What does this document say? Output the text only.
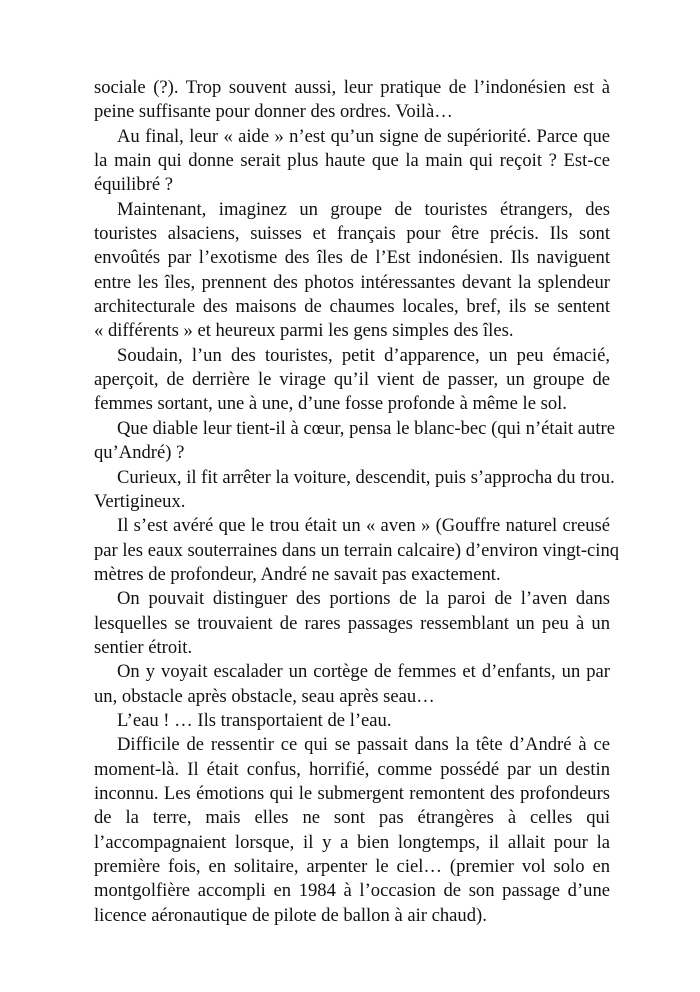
sociale (?). Trop souvent aussi, leur pratique de l’indonésien est à
peine suffisante pour donner des ordres. Voilà…
Au final, leur « aide » n’est qu’un signe de supériorité. Parce que
la main qui donne serait plus haute que la main qui reçoit ? Est-ce
équilibré ?
Maintenant, imaginez un groupe de touristes étrangers, des
touristes alsaciens, suisses et français pour être précis. Ils sont
envoûtés par l’exotisme des îles de l’Est indonésien. Ils naviguent
entre les îles, prennent des photos intéressantes devant la splendeur
architecturale des maisons de chaumes locales, bref, ils se sentent
« différents » et heureux parmi les gens simples des îles.
Soudain, l’un des touristes, petit d’apparence, un peu émacié,
aperçoit, de derrière le virage qu’il vient de passer, un groupe de
femmes sortant, une à une, d’une fosse profonde à même le sol.
Que diable leur tient-il à cœur, pensa le blanc-bec (qui n’était autre
qu’André) ?
Curieux, il fit arrêter la voiture, descendit, puis s’approcha du trou.
Vertigineux.
Il s’est avéré que le trou était un « aven » (Gouffre naturel creusé
par les eaux souterraines dans un terrain calcaire) d’environ vingt-cinq
mètres de profondeur, André ne savait pas exactement.
On pouvait distinguer des portions de la paroi de l’aven dans
lesquelles se trouvaient de rares passages ressemblant un peu à un
sentier étroit.
On y voyait escalader un cortège de femmes et d’enfants, un par
un, obstacle après obstacle, seau après seau…
L’eau ! … Ils transportaient de l’eau.
Difficile de ressentir ce qui se passait dans la tête d’André à ce
moment-là. Il était confus, horrifié, comme possédé par un destin
inconnu. Les émotions qui le submergent remontent des profondeurs
de la terre, mais elles ne sont pas étrangères à celles qui
l’accompagnaient lorsque, il y a bien longtemps, il allait pour la
première fois, en solitaire, arpenter le ciel… (premier vol solo en
montgolfière accompli en 1984 à l’occasion de son passage d’une
licence aéronautique de pilote de ballon à air chaud).
